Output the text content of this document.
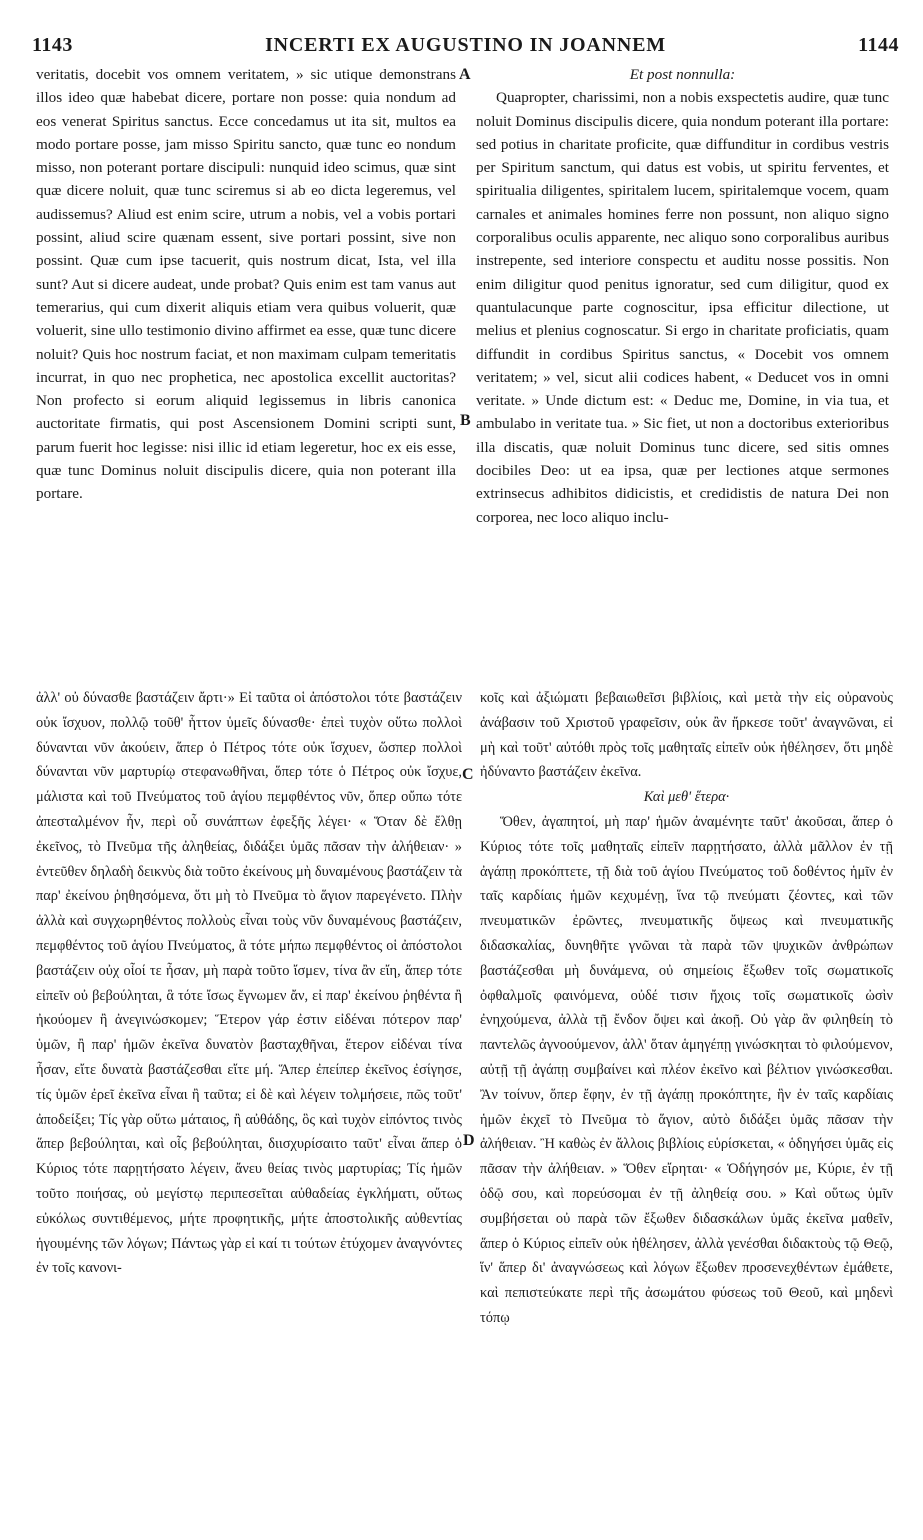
1143	INCERTI EX AUGUSTINO IN JOANNEM	1144

veritatis, docebit vos omnem veritatem, » sic utique demonstrans illos ideo quæ habebat dicere, portare non posse: quia nondum ad eos venerat Spiritus sanctus. Ecce concedamus ut ita sit, multos ea modo portare posse, jam misso Spiritu sancto, quæ tunc eo nondum misso, non poterant portare discipuli: nunquid ideo scimus, quæ sint quæ dicere noluit, quæ tunc sciremus si ab eo dicta legeremus, vel audissemus? Aliud est enim scire, utrum a nobis, vel a vobis portari possint, aliud scire quænam essent, sive portari possint, sive non possint. Quæ cum ipse tacuerit, quis nostrum dicat, Ista, vel illa sunt? Aut si dicere audeat, unde probat? Quis enim est tam vanus aut temerarius, qui cum dixerit aliquis etiam vera quibus voluerit, quæ voluerit, sine ullo testimonio divino affirmet ea esse, quæ tunc dicere noluit? Quis hoc nostrum faciat, et non maximam culpam temeritatis incurrat, in quo nec prophetica, nec apostolica excellit auctoritas? Non profecto si eorum aliquid legissemus in libris canonica auctoritate firmatis, qui post Ascensionem Domini scripti sunt, parum fuerit hoc legisse: nisi illic id etiam legeretur, hoc ex eis esse, quæ tunc Dominus noluit discipulis dicere, quia non poterant illa portare.

Et post nonnulla:

Quapropter, charissimi, non a nobis exspectetis audire, quæ tunc noluit Dominus discipulis dicere, quia nondum poterant illa portare: sed potius in charitate proficite, quæ diffunditur in cordibus vestris per Spiritum sanctum, qui datus est vobis, ut spiritu ferventes, et spiritualia diligentes, spiritalem lucem, spiritalemque vocem, quam carnales et animales homines ferre non possunt, non aliquo signo corporalibus oculis apparente, nec aliquo sono corporalibus auribus instrepente, sed interiore conspectu et auditu nosse possitis. Non enim diligitur quod penitus ignoratur, sed cum diligitur, quod ex quantulacunque parte cognoscitur, ipsa efficitur dilectione, ut melius et plenius cognoscatur. Si ergo in charitate proficiatis, quam diffundit in cordibus Spiritus sanctus, « Docebit vos omnem veritatem; » vel, sicut alii codices habent, « Deducet vos in omni veritate. » Unde dictum est: « Deduc me, Domine, in via tua, et ambulabo in veritate tua. » Sic fiet, ut non a doctoribus exterioribus illa discatis, quæ noluit Dominus tunc dicere, sed sitis omnes docibiles Deo: ut ea ipsa, quæ per lectiones atque sermones extrinsecus adhibitos didicistis, et credidistis de natura Dei non corporea, nec loco aliquo inclu-

ἀλλ' οὐ δύνασθε βαστάζειν ἄρτι·» Εἰ ταῦτα οἱ ἀπόστολοι τότε βαστάζειν οὐκ ἴσχυον, πολλῷ τοῦθ' ἧττον ὑμεῖς δύνασθε· ἐπεὶ τυχὸν οὕτω πολλοὶ δύνανται νῦν ἀκούειν, ἅπερ ὁ Πέτρος τότε οὐκ ἴσχυεν, ὥσπερ πολλοὶ δύνανται νῦν μαρτυρίῳ στεφανωθῆναι, ὅπερ τότε ὁ Πέτρος οὐκ ἴσχυε, μάλιστα καὶ τοῦ Πνεύματος τοῦ ἁγίου πεμφθέντος νῦν, ὅπερ οὔπω τότε ἀπεσταλμένον ἦν, περὶ οὗ συνάπτων ἐφεξῆς λέγει· « Ὅταν δὲ ἔλθῃ ἐκεῖνος, τὸ Πνεῦμα τῆς ἀληθείας, διδάξει ὑμᾶς πᾶσαν τὴν ἀλήθειαν· » ἐντεῦθεν δηλαδὴ δεικνὺς διὰ τοῦτο ἐκείνους μὴ δυναμένους βαστάζειν τὰ παρ' ἐκείνου ῥηθησόμενα, ὅτι μὴ τὸ Πνεῦμα τὸ ἅγιον παρεγένετο. Πλὴν ἀλλὰ καὶ συγχωρηθέντος πολλοὺς εἶναι τοὺς νῦν δυναμένους βαστάζειν, πεμφθέντος τοῦ ἁγίου Πνεύματος, ἃ τότε μήπω πεμφθέντος οἱ ἀπόστολοι βαστάζειν οὐχ οἷοί τε ἦσαν, μὴ παρὰ τοῦτο ἴσμεν, τίνα ἂν εἴη, ἅπερ τότε εἰπεῖν οὐ βεβούληται, ἃ τότε ἴσως ἔγνωμεν ἄν, εἰ παρ' ἐκείνου ῥηθέντα ἢ ἠκούομεν ἢ ἀνεγινώσκομεν; Ἕτερον γάρ ἐστιν εἰδέναι πότερον παρ' ὑμῶν, ἢ παρ' ἡμῶν ἐκεῖνα δυνατὸν βασταχθῆναι, ἕτερον εἰδέναι τίνα ἦσαν, εἴτε δυνατὰ βαστάζεσθαι εἴτε μή. Ἅπερ ἐπείπερ ἐκεῖνος ἐσίγησε, τίς ὑμῶν ἐρεῖ ἐκεῖνα εἶναι ἢ ταῦτα; εἰ δὲ καὶ λέγειν τολμήσειε, πῶς τοῦτ' ἀποδείξει; Τίς γὰρ οὕτω μάταιος, ἢ αὐθάδης, ὃς καὶ τυχὸν εἰπόντος τινὸς ἅπερ βεβούληται, καὶ οἷς βεβούληται, διισχυρίσαιτο ταῦτ' εἶναι ἅπερ ὁ Κύριος τότε παρῃτήσατο λέγειν, ἄνευ θείας τινὸς μαρτυρίας; Τίς ἡμῶν τοῦτο ποιήσας, οὐ μεγίστῳ περιπεσεῖται αὐθαδείας ἐγκλήματι, οὔτως εὐκόλως συντιθέμενος, μήτε προφητικῆς, μήτε ἀποστολικῆς αὐθεντίας ἡγουμένης τῶν λόγων; Πάντως γὰρ εἰ καί τι τούτων ἐτύχομεν ἀναγνόντες ἐν τοῖς κανονι-

κοῖς καὶ ἀξιώματι βεβαιωθεῖσι βιβλίοις, καὶ μετὰ τὴν εἰς οὐρανοὺς ἀνάβασιν τοῦ Χριστοῦ γραφεῖσιν, οὐκ ἂν ἤρκεσε τοῦτ' ἀναγνῶναι, εἰ μὴ καὶ τοῦτ' αὐτόθι πρὸς τοῖς μαθηταῖς εἰπεῖν οὐκ ἠθέλησεν, ὅτι μηδὲ ἠδύναντο βαστάζειν ἐκεῖνα.

Καὶ μεθ' ἕτερα·

Ὅθεν, ἀγαπητοί, μὴ παρ' ἡμῶν ἀναμένητε ταῦτ' ἀκοῦσαι, ἅπερ ὁ Κύριος τότε τοῖς μαθηταῖς εἰπεῖν παρῃτήσατο, ἀλλὰ μᾶλλον ἐν τῇ ἀγάπῃ προκόπτετε, τῇ διὰ τοῦ ἁγίου Πνεύματος τοῦ δοθέντος ἡμῖν ἐν ταῖς καρδίαις ἡμῶν κεχυμένῃ, ἵνα τῷ πνεύματι ζέοντες, καὶ τῶν πνευματικῶν ἐρῶντες, πνευματικῆς ὄψεως καὶ πνευματικῆς διδασκαλίας, δυνηθῆτε γνῶναι τὰ παρὰ τῶν ψυχικῶν ἀνθρώπων βαστάζεσθαι μὴ δυνάμενα, οὐ σημείοις ἔξωθεν τοῖς σωματικοῖς ὀφθαλμοῖς φαινόμενα, οὐδέ τισιν ἤχοις τοῖς σωματικοῖς ὠσὶν ἐνηχούμενα, ἀλλὰ τῇ ἔνδον ὄψει καὶ ἀκοῇ. Οὐ γὰρ ἂν φιληθείη τὸ παντελῶς ἀγνοούμενον, ἀλλ' ὅταν ἁμηγέπῃ γινώσκηται τὸ φιλούμενον, αὐτῇ τῇ ἀγάπῃ συμβαίνει καὶ πλέον ἐκεῖνο καὶ βέλτιον γινώσκεσθαι. Ἂν τοίνυν, ὅπερ ἔφην, ἐν τῇ ἀγάπῃ προκόπτητε, ἣν ἐν ταῖς καρδίαις ἡμῶν ἐκχεῖ τὸ Πνεῦμα τὸ ἅγιον, αὐτὸ διδάξει ὑμᾶς πᾶσαν τὴν ἀλήθειαν. Ἢ καθὼς ἐν ἄλλοις βιβλίοις εὑρίσκεται, « ὁδηγήσει ὑμᾶς εἰς πᾶσαν τὴν ἀλήθειαν. » Ὅθεν εἴρηται· « Ὁδήγησόν με, Κύριε, ἐν τῇ ὁδῷ σου, καὶ πορεύσομαι ἐν τῇ ἀληθείᾳ σου. » Καὶ οὕτως ὑμῖν συμβήσεται οὐ παρὰ τῶν ἔξωθεν διδασκάλων ὑμᾶς ἐκεῖνα μαθεῖν, ἅπερ ὁ Κύριος εἰπεῖν οὐκ ἠθέλησεν, ἀλλὰ γενέσθαι διδακτοὺς τῷ Θεῷ, ἵν' ἅπερ δι' ἀναγνώσεως καὶ λόγων ἔξωθεν προσενεχθέντων ἐμάθετε, καὶ πεπιστεύκατε περὶ τῆς ἀσωμάτου φύσεως τοῦ Θεοῦ, καὶ μηδενὶ τόπῳ

A
B
C
D
